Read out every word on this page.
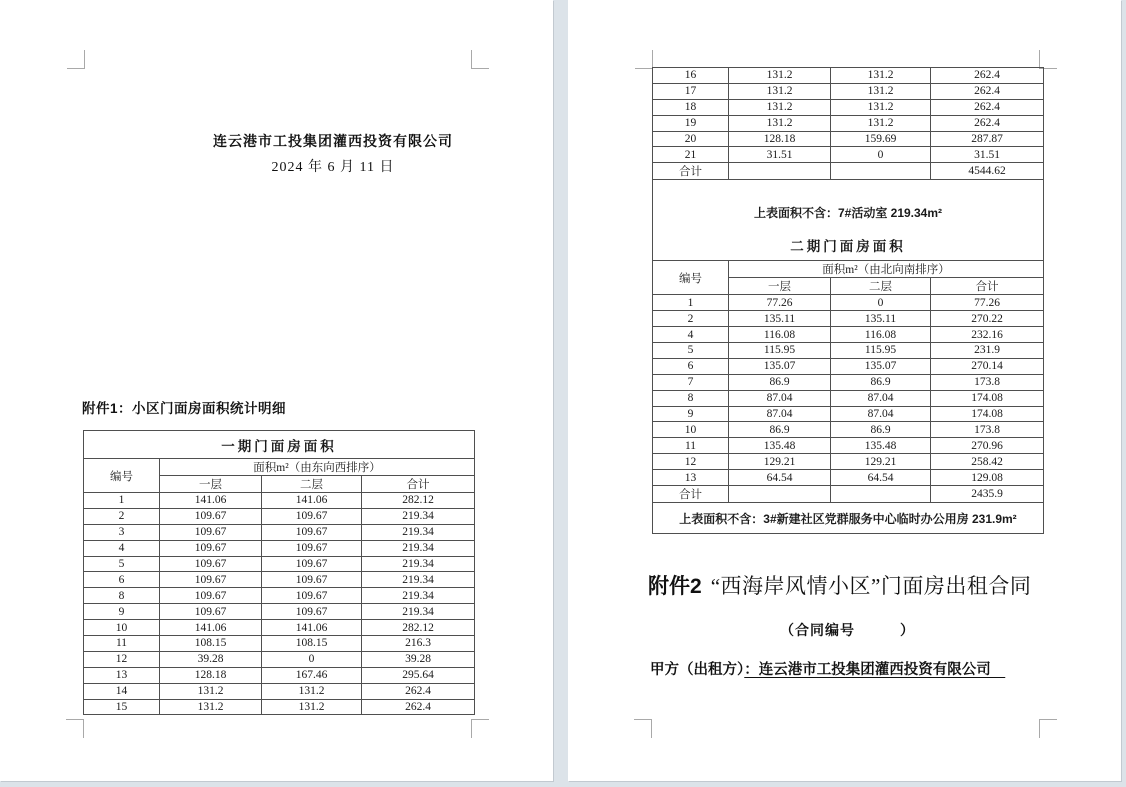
连云港市工投集团灌西投资有限公司
2024 年 6 月 11 日
附件1：小区门面房面积统计明细
一期门面房面积			
编号	面积m²（由东向西排序）		
	一层	二层	合计
1	141.06	141.06	282.12
2	109.67	109.67	219.34
3	109.67	109.67	219.34
4	109.67	109.67	219.34
5	109.67	109.67	219.34
6	109.67	109.67	219.34
8	109.67	109.67	219.34
9	109.67	109.67	219.34
10	141.06	141.06	282.12
11	108.15	108.15	216.3
12	39.28	0	39.28
13	128.18	167.46	295.64
14	131.2	131.2	262.4
15	131.2	131.2	262.4
16	131.2	131.2	262.4
17	131.2	131.2	262.4
18	131.2	131.2	262.4
19	131.2	131.2	262.4
20	128.18	159.69	287.87
21	31.51	0	31.51
合计			4544.62

上表面积不含：7#活动室 219.34m²
二期门面房面积			

编号	面积m²（由北向南排序）		
	一层	二层	合计
1	77.26	0	77.26
2	135.11	135.11	270.22
4	116.08	116.08	232.16
5	115.95	115.95	231.9
6	135.07	135.07	270.14
7	86.9	86.9	173.8
8	87.04	87.04	174.08
9	87.04	87.04	174.08
10	86.9	86.9	173.8
11	135.48	135.48	270.96
12	129.21	129.21	258.42
13	64.54	64.54	129.08
合计			2435.9
上表面积不含：3#新建社区党群服务中心临时办公用房 231.9m²			
附件2 “西海岸风情小区”门面房出租合同
（合同编号　　　）
甲方（出租方）：连云港市工投集团灌西投资有限公司　
